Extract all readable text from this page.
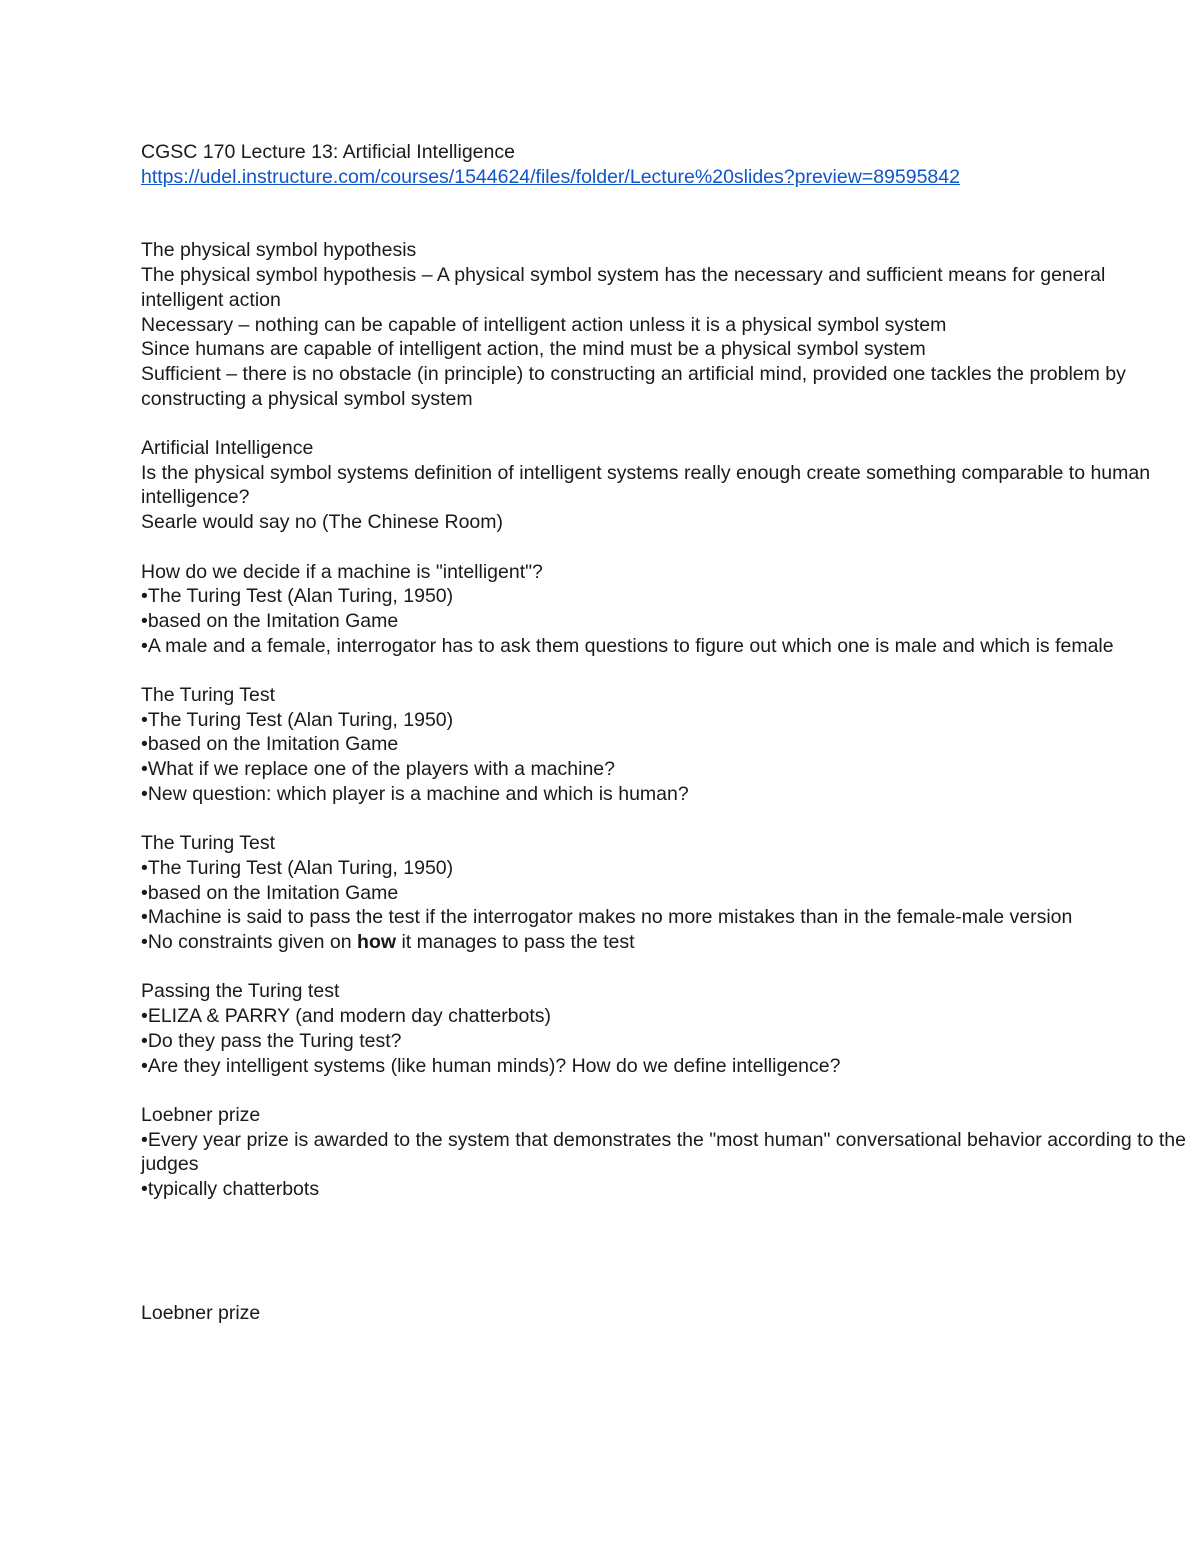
CGSC 170 Lecture 13: Artificial Intelligence
https://udel.instructure.com/courses/1544624/files/folder/Lecture%20slides?preview=89595842
The physical symbol hypothesis
The physical symbol hypothesis – A physical symbol system has the necessary and sufficient means for general intelligent action
Necessary – nothing can be capable of intelligent action unless it is a physical symbol system
Since humans are capable of intelligent action, the mind must be a physical symbol system
Sufficient – there is no obstacle (in principle) to constructing an artificial mind, provided one tackles the problem by constructing a physical symbol system
Artificial Intelligence
Is the physical symbol systems definition of intelligent systems really enough create something comparable to human intelligence?
Searle would say no (The Chinese Room)
How do we decide if a machine is "intelligent"?
•The Turing Test (Alan Turing, 1950)
•based on the Imitation Game
•A male and a female, interrogator has to ask them questions to figure out which one is male and which is female
The Turing Test
•The Turing Test (Alan Turing, 1950)
•based on the Imitation Game
•What if we replace one of the players with a machine?
•New question: which player is a machine and which is human?
The Turing Test
•The Turing Test (Alan Turing, 1950)
•based on the Imitation Game
•Machine is said to pass the test if the interrogator makes no more mistakes than in the female-male version
•No constraints given on how it manages to pass the test
Passing the Turing test
•ELIZA & PARRY (and modern day chatterbots)
•Do they pass the Turing test?
•Are they intelligent systems (like human minds)? How do we define intelligence?
Loebner prize
•Every year prize is awarded to the system that demonstrates the "most human" conversational behavior according to the judges
•typically chatterbots
Loebner prize
